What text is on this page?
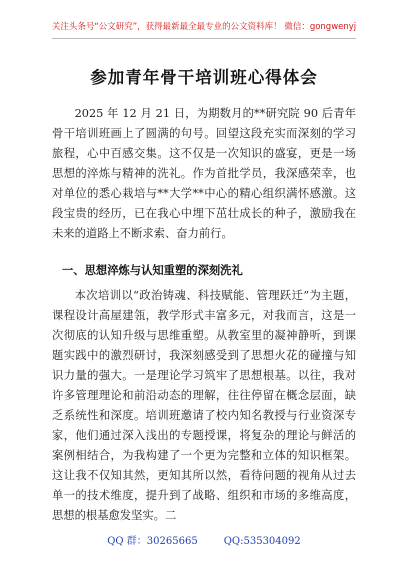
关注头条号“公文研究”，获得最新最全最专业的公文资料库！ 微信：gongwenyj
参加青年骨干培训班心得体会

2025 年 12 月 21 日，为期数月的**研究院 90 后青年骨干培训班画上了圆满的句号。回望这段充实而深刻的学习旅程，心中百感交集。这不仅是一次知识的盛宴，更是一场思想的淬炼与精神的洗礼。作为首批学员，我深感荣幸，也对单位的悉心栽培与**大学**中心的精心组织满怀感激。这段宝贵的经历，已在我心中埋下茁壮成长的种子，激励我在未来的道路上不断求索、奋力前行。

一、思想淬炼与认知重塑的深刻洗礼

本次培训以“政治铸魂、科技赋能、管理跃迁”为主题，课程设计高屋建瓴，教学形式丰富多元，对我而言，这是一次彻底的认知升级与思维重塑。从教室里的凝神静听，到课题实践中的激烈研讨，我深刻感受到了思想火花的碰撞与知识力量的强大。一是理论学习筑牢了思想根基。以往，我对许多管理理论和前沿动态的理解，往往停留在概念层面，缺乏系统性和深度。培训班邀请了校内知名教授与行业资深专家，他们通过深入浅出的专题授课，将复杂的理论与鲜活的案例相结合，为我构建了一个更为完整和立体的知识框架。这让我不仅知其然，更知其所以然，看待问题的视角从过去单一的技术维度，提升到了战略、组织和市场的多维高度，思想的根基愈发坚实。二

QQ 群：30265665	QQ:535304092
